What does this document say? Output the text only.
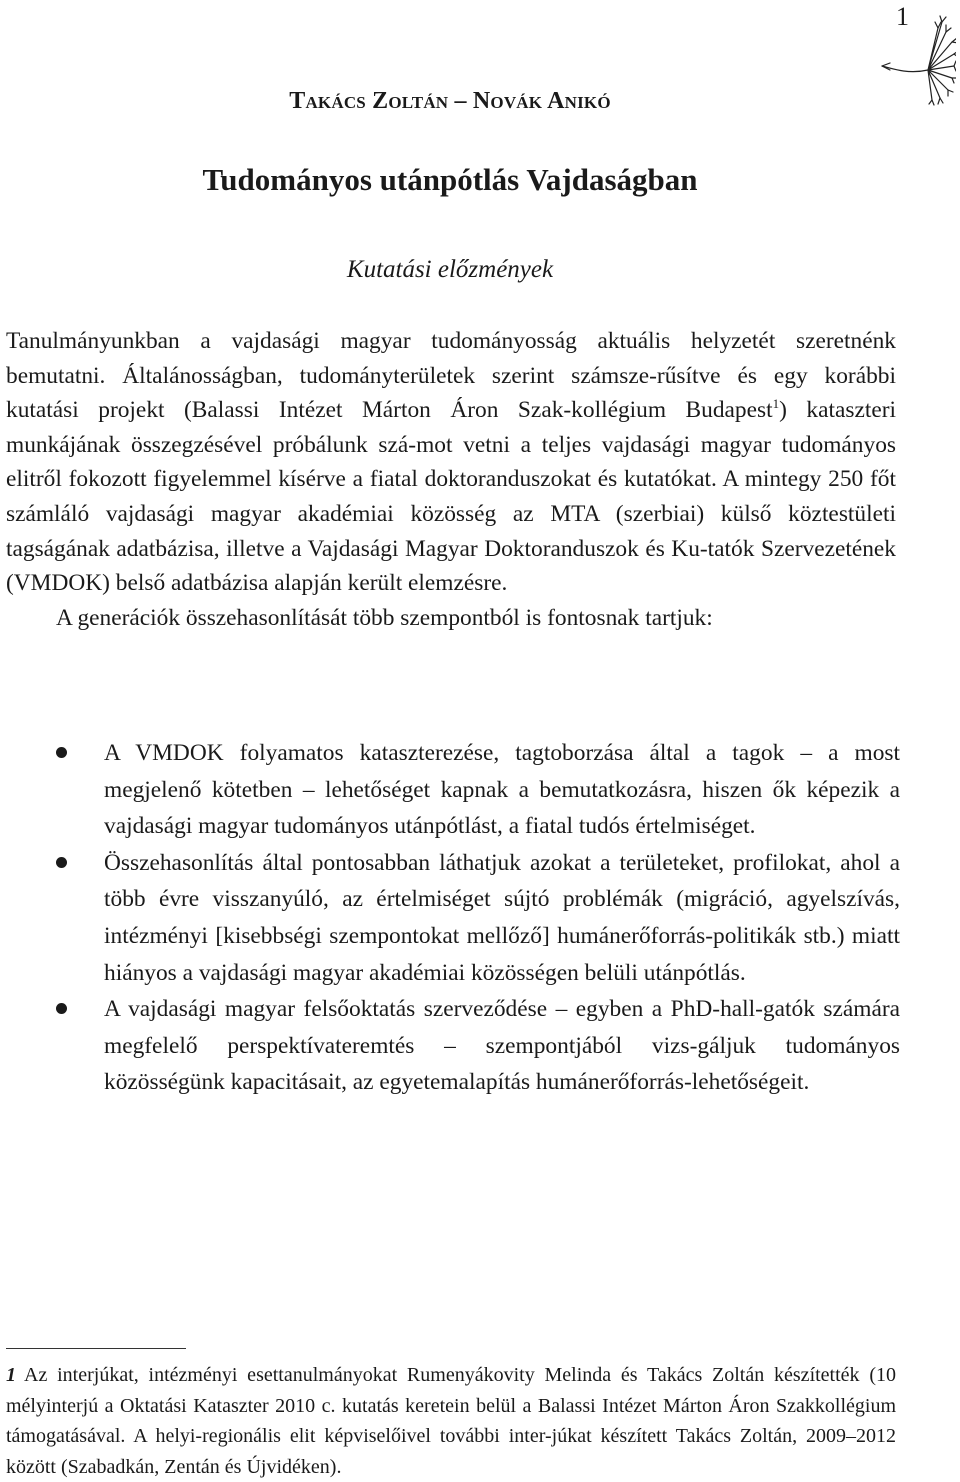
1
Takács Zoltán – Novák Anikó
Tudományos utánpótlás Vajdaságban
Kutatási előzmények

Tanulmányunkban a vajdasági magyar tudományosság aktuális helyzetét szeretnénk bemutatni. Általánosságban, tudományterületek szerint számsze-rűsítve és egy korábbi kutatási projekt (Balassi Intézet Márton Áron Szak-kollégium Budapest$^1$) kataszteri munkájának összegzésével próbálunk szá-mot vetni a teljes vajdasági magyar tudományos elitről fokozott figyelemmel kísérve a fiatal doktoranduszokat és kutatókat. A mintegy 250 főt számláló vajdasági magyar akadémiai közösség az MTA (szerbiai) külső köztestületi tagságának adatbázisa, illetve a Vajdasági Magyar Doktoranduszok és Ku-tatók Szervezetének (VMDOK) belső adatbázisa alapján került elemzésre.

A generációk összehasonlítását több szempontból is fontosnak tartjuk:

A VMDOK folyamatos kataszterezése, tagtoborzása által a tagok – a most megjelenő kötetben – lehetőséget kapnak a bemutatkozásra, hiszen ők képezik a vajdasági magyar tudományos utánpótlást, a fiatal tudós értelmiséget.
Összehasonlítás által pontosabban láthatjuk azokat a területeket, profilokat, ahol a több évre visszanyúló, az értelmiséget sújtó problémák (migráció, agyelszívás, intézményi [kisebbségi szempontokat mellőző] humánerőforrás-politikák stb.) miatt hiányos a vajdasági magyar akadémiai közösségen belüli utánpótlás.
A vajdasági magyar felsőoktatás szerveződése – egyben a PhD-hall-gatók számára megfelelő perspektívateremtés – szempontjából vizs-gáljuk tudományos közösségünk kapacitásait, az egyetemalapítás humánerőforrás-lehetőségeit.
1 Az interjúkat, intézményi esettanulmányokat Rumenyákovity Melinda és Takács Zoltán készítették (10 mélyinterjú a Oktatási Kataszter 2010 c. kutatás keretein belül a Balassi Intézet Márton Áron Szakkollégium támogatásával. A helyi-regionális elit képviselőivel további inter-júkat készített Takács Zoltán, 2009–2012 között (Szabadkán, Zentán és Újvidéken).
